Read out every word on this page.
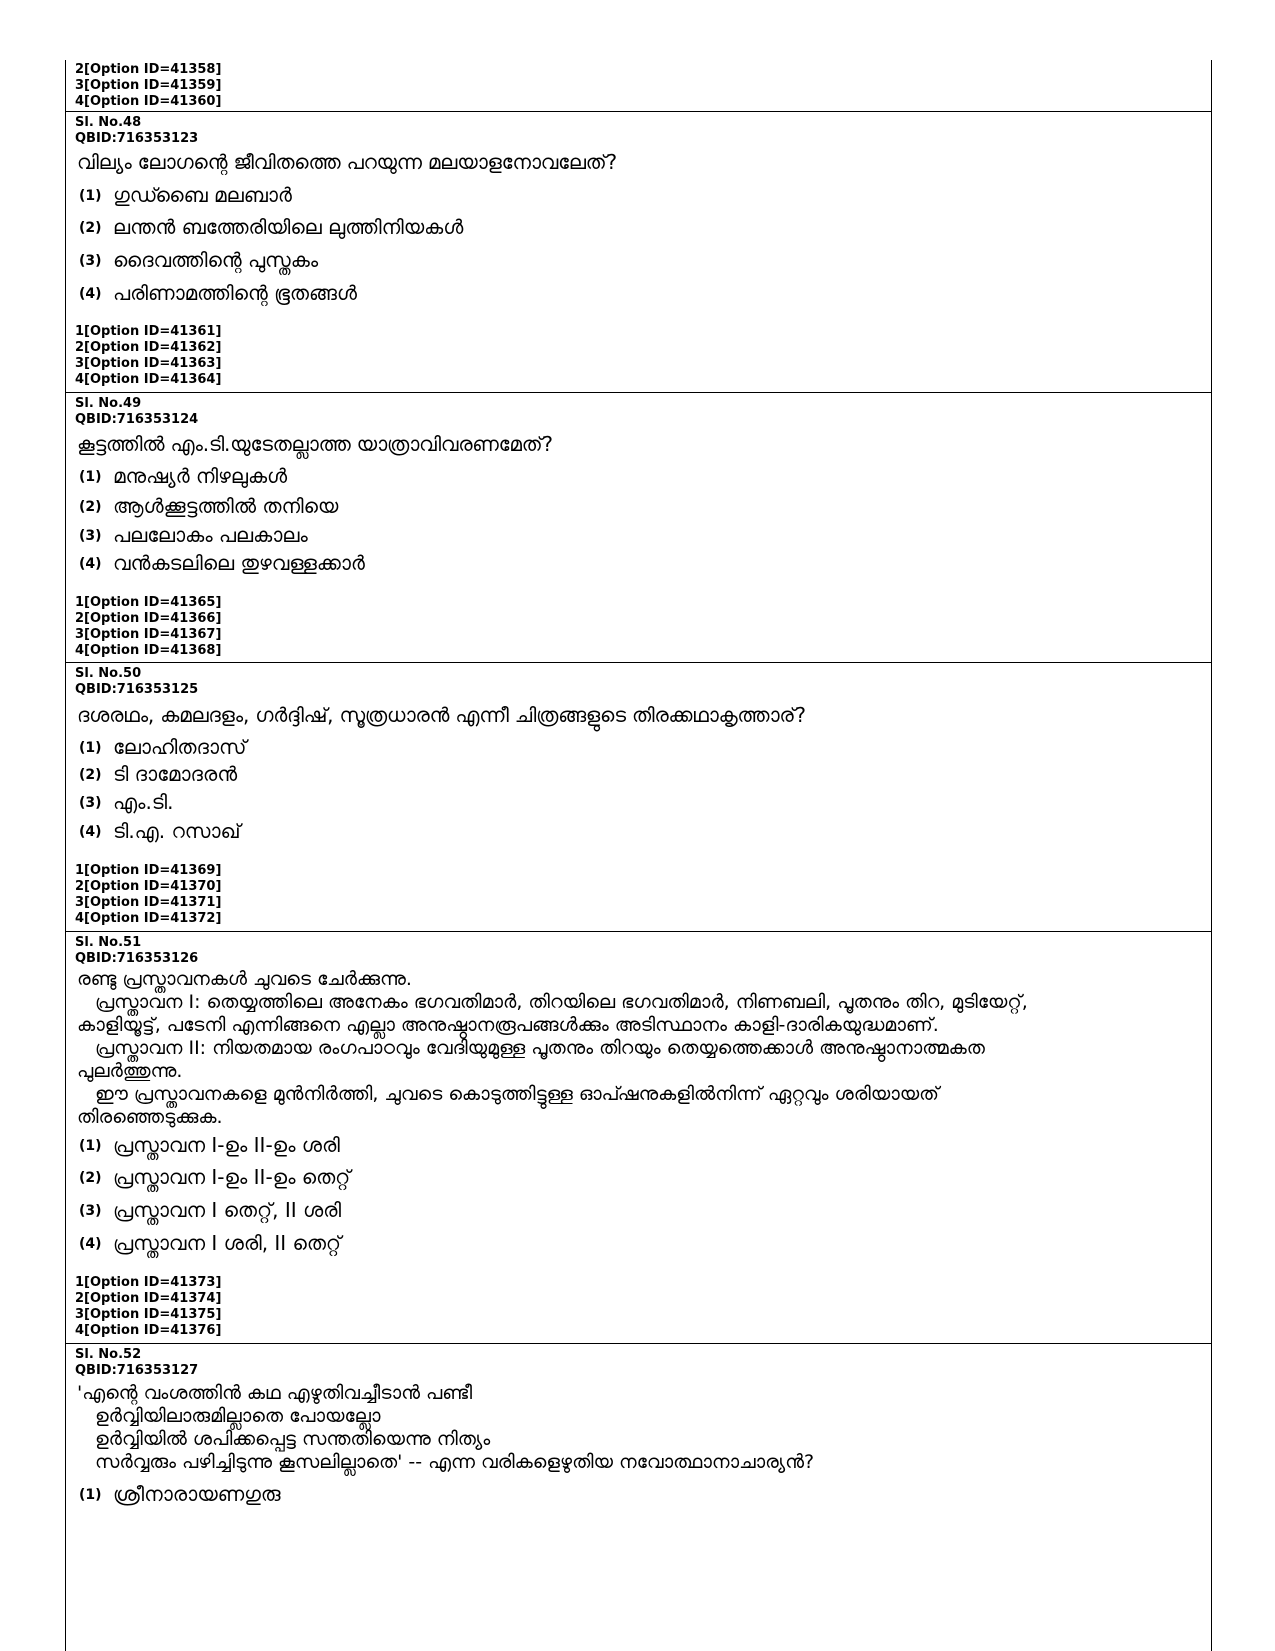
2[Option ID=41358]
3[Option ID=41359]
4[Option ID=41360]
Sl. No.48
QBID:716353123
വില്യം ലോഗന്റെ ജീവിതത്തെ പറയുന്ന മലയാളനോവലേത്?
(1) ഗുഡ്ബൈ മലബാർ
(2) ലന്തൻ ബത്തേരിയിലെ ലുത്തിനിയകൾ
(3) ദൈവത്തിന്റെ പുസ്തകം
(4) പരിണാമത്തിന്റെ ഭൂതങ്ങൾ
1[Option ID=41361]
2[Option ID=41362]
3[Option ID=41363]
4[Option ID=41364]
Sl. No.49
QBID:716353124
കൂട്ടത്തിൽ എം.ടി.യുടേതല്ലാത്ത യാത്രാവിവരണമേത്?
(1) മനുഷ്യർ നിഴലുകൾ
(2) ആൾക്കൂട്ടത്തിൽ തനിയെ
(3) പലലോകം പലകാലം
(4) വൻകടലിലെ തുഴവള്ളക്കാർ
1[Option ID=41365]
2[Option ID=41366]
3[Option ID=41367]
4[Option ID=41368]
Sl. No.50
QBID:716353125
ദശരഥം, കമലദളം, ഗർദ്ദിഷ്, സൂത്രധാരൻ എന്നീ ചിത്രങ്ങളുടെ തിരക്കഥാകൃത്താര്?
(1) ലോഹിതദാസ്
(2) ടി ദാമോദരൻ
(3) എം.ടി.
(4) ടി.എ. റസാഖ്
1[Option ID=41369]
2[Option ID=41370]
3[Option ID=41371]
4[Option ID=41372]
Sl. No.51
QBID:716353126
രണ്ടു പ്രസ്താവനകൾ ചുവടെ ചേർക്കുന്നു.
പ്രസ്താവന I: തെയ്യത്തിലെ അനേകം ഭഗവതിമാർ, തിറയിലെ ഭഗവതിമാർ, നിണബലി, പൂതനും തിറ, മുടിയേറ്റ്,
കാളിയൂട്ട്, പടേനി എന്നിങ്ങനെ എല്ലാ അനുഷ്ഠാനരൂപങ്ങൾക്കും അടിസ്ഥാനം കാളി-ദാരികയുദ്ധമാണ്.
പ്രസ്താവന II: നിയതമായ രംഗപാഠവും വേദിയുമുള്ള പൂതനും തിറയും തെയ്യത്തെക്കാൾ അനുഷ്ഠാനാത്മകത
പുലർത്തുന്നു.
ഈ പ്രസ്താവനകളെ മുൻനിർത്തി, ചുവടെ കൊടുത്തിട്ടുള്ള ഓപ്ഷനുകളിൽനിന്ന് ഏറ്റവും ശരിയായത്
തിരഞ്ഞെടുക്കുക.
(1) പ്രസ്താവന I-ഉം II-ഉം ശരി
(2) പ്രസ്താവന I-ഉം II-ഉം തെറ്റ്
(3) പ്രസ്താവന I തെറ്റ്, II ശരി
(4) പ്രസ്താവന I ശരി, II തെറ്റ്
1[Option ID=41373]
2[Option ID=41374]
3[Option ID=41375]
4[Option ID=41376]
Sl. No.52
QBID:716353127
'എന്റെ വംശത്തിൻ കഥ എഴുതിവച്ചീടാൻ പണ്ടീ
ഉർവ്വിയിലാരുമില്ലാതെ പോയല്ലോ
ഉർവ്വിയിൽ ശപിക്കപ്പെട്ട സന്തതിയെന്നു നിത്യം
സർവ്വരും പഴിച്ചിടുന്നു കൂസലില്ലാതെ' -- എന്ന വരികളെഴുതിയ നവോത്ഥാനാചാര്യൻ?
(1) ശ്രീനാരായണഗുരു
